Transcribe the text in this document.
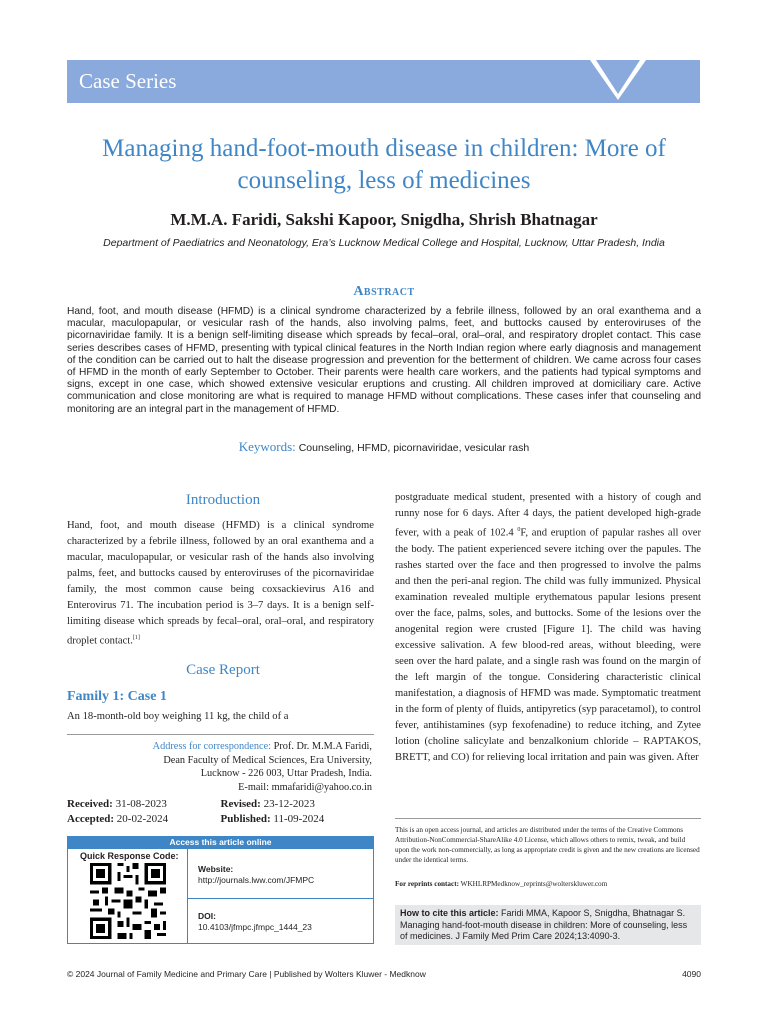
Case Series
Managing hand-foot-mouth disease in children: More of counseling, less of medicines
M.M.A. Faridi, Sakshi Kapoor, Snigdha, Shrish Bhatnagar
Department of Paediatrics and Neonatology, Era’s Lucknow Medical College and Hospital, Lucknow, Uttar Pradesh, India
Abstract
Hand, foot, and mouth disease (HFMD) is a clinical syndrome characterized by a febrile illness, followed by an oral exanthema and a macular, maculopapular, or vesicular rash of the hands, also involving palms, feet, and buttocks caused by enteroviruses of the picornaviridae family. It is a benign self-limiting disease which spreads by fecal–oral, oral–oral, and respiratory droplet contact. This case series describes cases of HFMD, presenting with typical clinical features in the North Indian region where early diagnosis and management of the condition can be carried out to halt the disease progression and prevention for the betterment of children. We came across four cases of HFMD in the month of early September to October. Their parents were health care workers, and the patients had typical symptoms and signs, except in one case, which showed extensive vesicular eruptions and crusting. All children improved at domiciliary care. Active communication and close monitoring are what is required to manage HFMD without complications. These cases infer that counseling and monitoring are an integral part in the management of HFMD.
Keywords: Counseling, HFMD, picornaviridae, vesicular rash
Introduction
Hand, foot, and mouth disease (HFMD) is a clinical syndrome characterized by a febrile illness, followed by an oral exanthema and a macular, maculopapular, or vesicular rash of the hands also involving palms, feet, and buttocks caused by enteroviruses of the picornaviridae family, the most common cause being coxsackievirus A16 and Enterovirus 71. The incubation period is 3–7 days. It is a benign self-limiting disease which spreads by fecal–oral, oral–oral, and respiratory droplet contact.[1]
Case Report
Family 1: Case 1
An 18-month-old boy weighing 11 kg, the child of a
Address for correspondence: Prof. Dr. M.M.A Faridi,
Dean Faculty of Medical Sciences, Era University,
Lucknow - 226 003, Uttar Pradesh, India.
E-mail: mmafaridi@yahoo.co.in
Received: 31-08-2023	Revised: 23-12-2023
Accepted: 20-02-2024	Published: 11-09-2024
Access this article online
Quick Response Code:
Website:
http://journals.lww.com/JFMPC
DOI:
10.4103/jfmpc.jfmpc_1444_23
postgraduate medical student, presented with a history of cough and runny nose for 6 days. After 4 days, the patient developed high-grade fever, with a peak of 102.4 $^0$F, and eruption of papular rashes all over the body. The patient experienced severe itching over the papules. The rashes started over the face and then progressed to involve the palms and then the peri-anal region. The child was fully immunized. Physical examination revealed multiple erythematous papular lesions present over the face, palms, soles, and buttocks. Some of the lesions over the anogenital region were crusted [Figure 1]. The child was having excessive salivation. A few blood-red areas, without bleeding, were seen over the hard palate, and a single rash was found on the margin of the left margin of the tongue. Considering characteristic clinical manifestation, a diagnosis of HFMD was made. Symptomatic treatment in the form of plenty of fluids, antipyretics (syp paracetamol), to control fever, antihistamines (syp fexofenadine) to reduce itching, and Zytee lotion (choline salicylate and benzalkonium chloride – RAPTAKOS, BRETT, and CO) for relieving local irritation and pain was given. After
This is an open access journal, and articles are distributed under the terms of the Creative Commons Attribution-NonCommercial-ShareAlike 4.0 License, which allows others to remix, tweak, and build upon the work non-commercially, as long as appropriate credit is given and the new creations are licensed under the identical terms.
For reprints contact: WKHLRPMedknow_reprints@wolterskluwer.com
How to cite this article: Faridi MMA, Kapoor S, Snigdha, Bhatnagar S. Managing hand-foot-mouth disease in children: More of counseling, less of medicines. J Family Med Prim Care 2024;13:4090-3.
© 2024 Journal of Family Medicine and Primary Care | Published by Wolters Kluwer - Medknow	4090
